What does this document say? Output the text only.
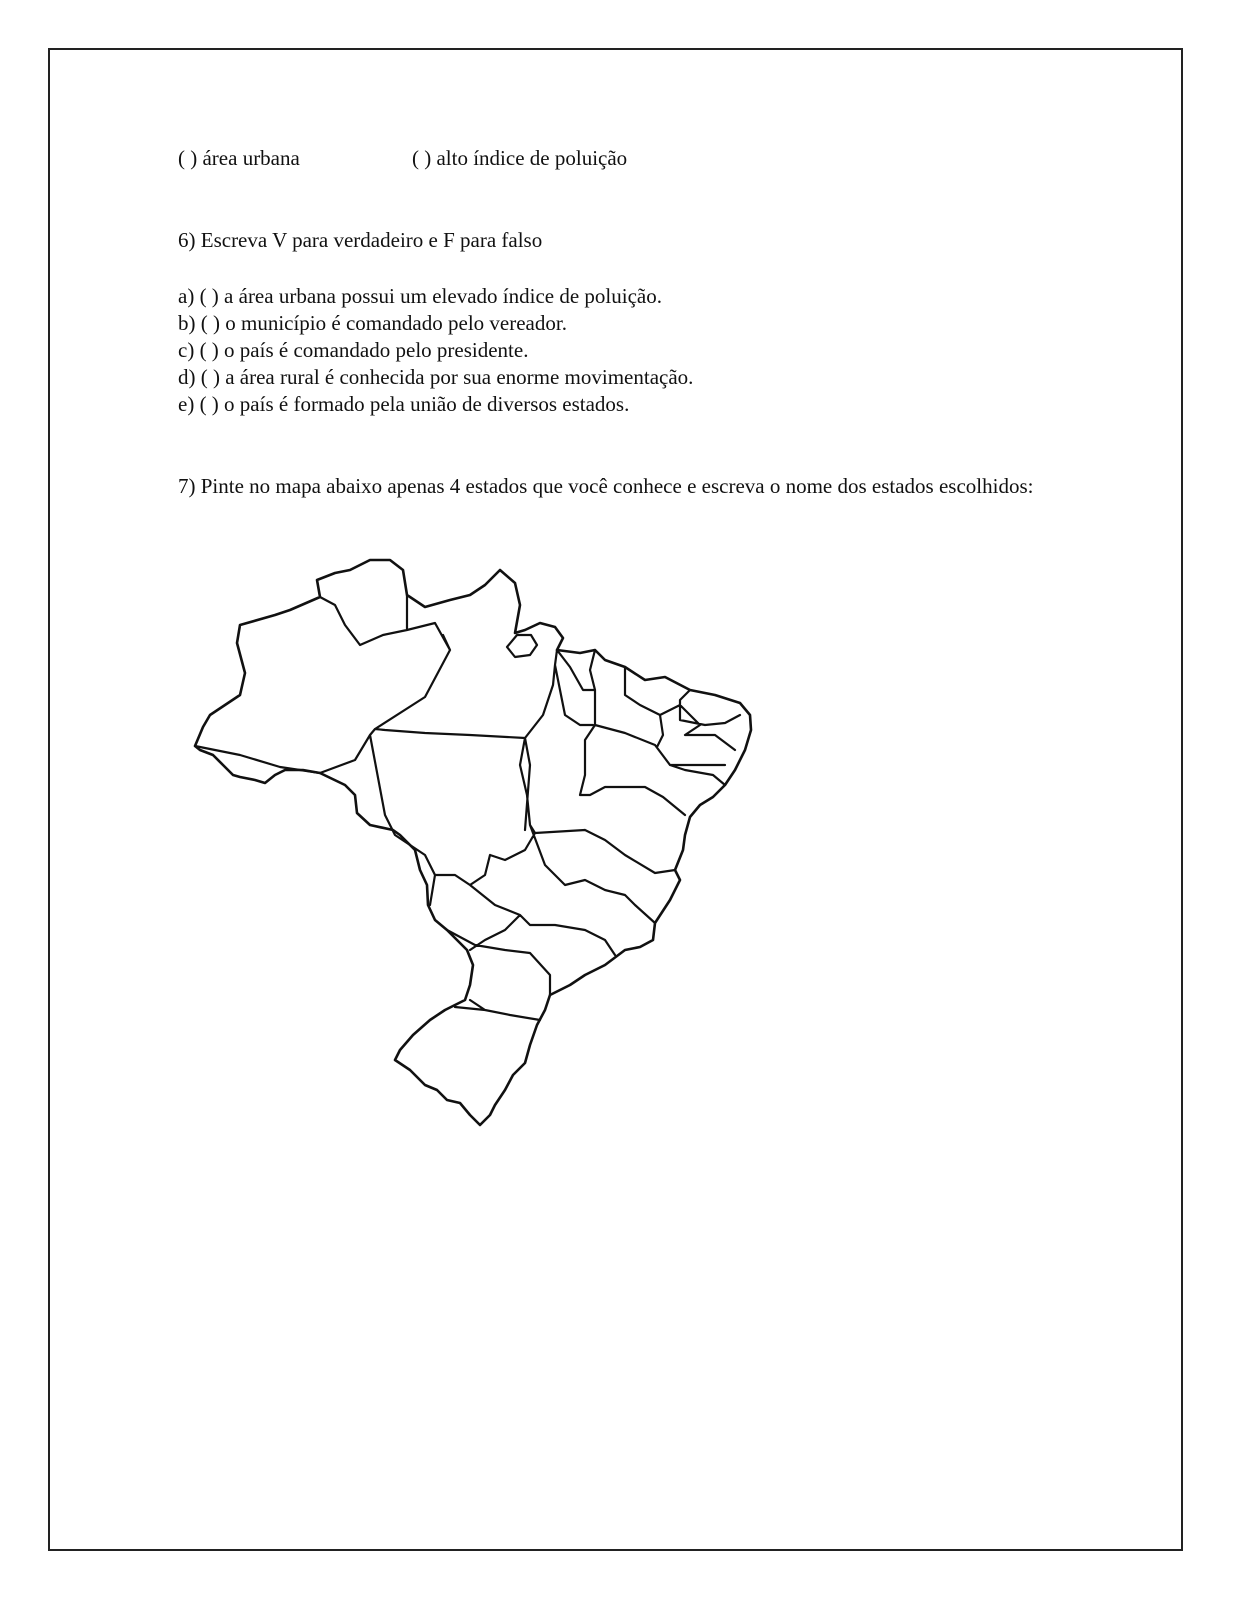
( ) área urbana	( ) alto índice de poluição
6) Escreva V para verdadeiro e F para falso
a) ( ) a área urbana possui um elevado índice de poluição.
b) ( ) o município é comandado pelo vereador.
c) ( ) o país é comandado pelo presidente.
d) ( ) a área rural é conhecida por sua enorme movimentação.
e) ( ) o país é formado pela união de diversos estados.
7) Pinte no mapa abaixo apenas 4 estados que você conhece e escreva o nome dos estados escolhidos:
